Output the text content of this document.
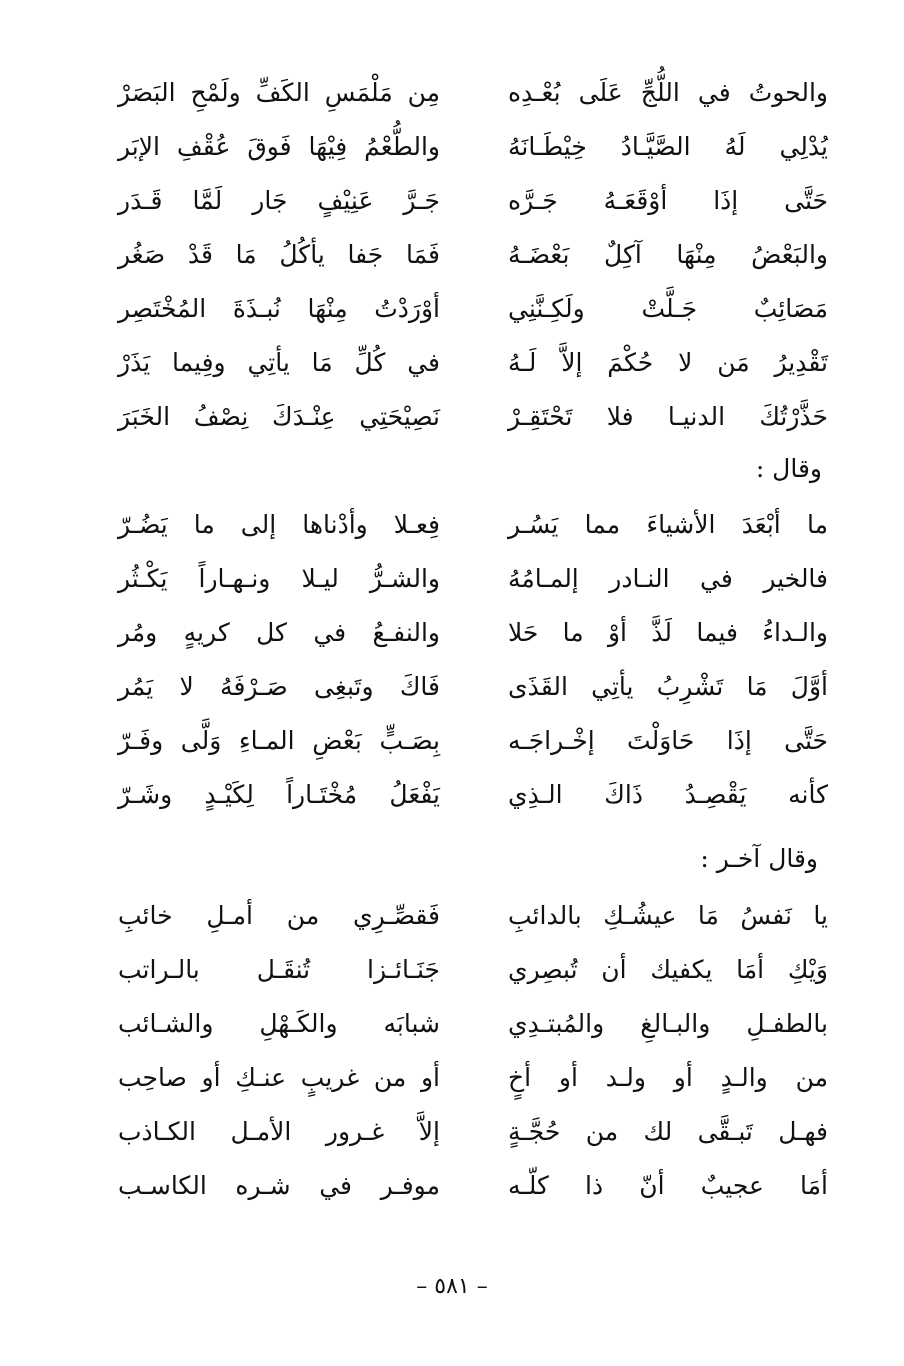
والحوتُ في اللُّجِّ عَلَى بُعْـدِه
مِن مَلْمَسِ الكَفِّ ولَمْحِ البَصَرْ
يُدْلِي لَهُ الصَّيَّـادُ خِيْطَـانَهُ
والطُّعْمُ فِيْهَا فَوقَ عُقْفِ الإبَر
حَتَّى إذَا أوْقَعَـهُ جَـرَّه
جَـرَّ عَنِيْفٍ جَار لَمَّا قَـدَر
والبَعْضُ مِنْهَا آكِلٌ بَعْضَـهُ
فَمَا جَفا يأكُلُ مَا قَدْ صَغُر
مَصَائِبٌ جَـلَّتْ ولَكِـنَّنِي
أوْرَدْتُ مِنْهَا نُبـذَةَ المُخْتَصِر
تَقْدِيرُ مَن لا حُكْمَ إلاَّ لَـهُ
في كُلِّ مَا يأتِي وفِيما يَذَرْ
حَذَّرْتُكَ الدنيـا فلا تَحْتَقِـرْ
نَصِيْحَتِي عِنْـدَكَ نِصْفُ الخَبَرَ
وقال :
ما أبْعَدَ الأشياءَ مما يَسُـر
فِعـلا وأدْناها إلى ما يَضُـرّ
فالخير في النـادر إلمـامُهُ
والشـرُّ ليـلا ونـهـاراً يَكْـثُر
والـداءُ فيما لَذَّ أوْ ما حَلا
والنفـعُ في كل كريهٍ ومُر
أوَّلَ مَا تَشْرِبُ يأتِي القَذَى
فَاكَ وتَبغِى صَـرْفَهُ لا يَمُر
حَتَّى إذَا حَاوَلْتَ إخْـراجَـه
بِصَـبٍّ بَعْضِ المـاءِ وَلَّى وفَـرّ
كأنه يَقْصِـدُ ذَاكَ الـذِي
يَفْعَلُ مُخْتَـاراً لِكَيْـدٍ وشَـرّ
وقال آخـر :
يا نَفسُ مَا عيشُـكِ بالدائبِ
فَقصِّـرِي من أمـلِ خائبِ
وَيْكِ أمَا يكفيك أن تُبصِري
جَنَـائـزا تُنقَـل بالـراتب
بالطفـلِ والبـالغِ والمُبتـدِي
شبابَه والكَـهْلِ والشـائب
من والـدٍ أو ولـد أو أخٍ
أو من غريبٍ عنـكِ أو صاحِب
فهـل تَبـقَّى لك من حُجَّـةٍ
إلاَّ غـرور الأمـل الكـاذب
أمَا عجيبٌ أنّ ذا كلّـه
موفـر في شـره الكاسـب
– ٥٨١ –
